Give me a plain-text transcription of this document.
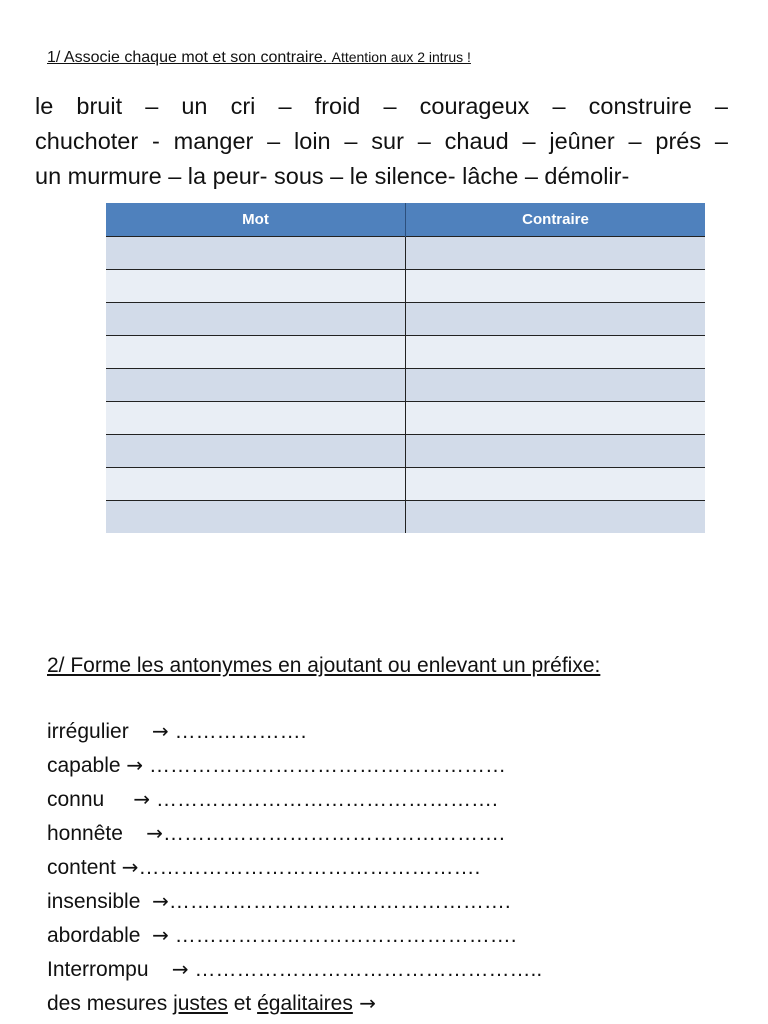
1/ Associe chaque mot et son contraire. Attention aux 2 intrus !
le bruit – un cri – froid – courageux – construire –
chuchoter - manger – loin – sur – chaud – jeûner – prés –
un murmure – la peur- sous – le silence- lâche – démolir-
Mot	Contraire

2/ Forme les antonymes en ajoutant ou enlevant un préfixe:
irrégulier → ……………….
capable → ……………………………………………
connu → ………………………………………….
honnête →………………………………………….
content →………………………………………….
insensible →………………………………………….
abordable → ………………………………………….
Interrompu → …………………………………………..
des mesures justes et égalitaires →
